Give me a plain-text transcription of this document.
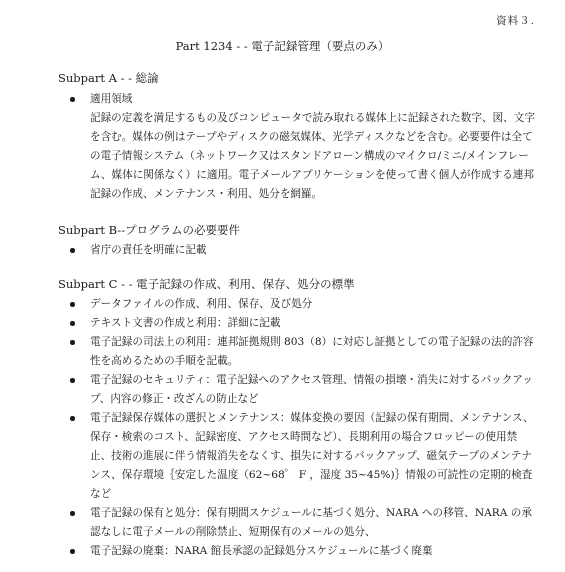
資料３.
Part 1234 - - 電子記録管理（要点のみ）
Subpart A - - 総論
適用領域

記録の定義を満足するもの及びコンピュータで読み取れる媒体上に記録された数字、図、文字を含む。媒体の例はテープやディスクの磁気媒体、光学ディスクなどを含む。必要要件は全ての電子情報システム（ネットワーク又はスタンドアローン構成のマイクロ/ミニ/メインフレーム、媒体に関係なく）に適用。電子メールアプリケーションを使って書く個人が作成する連邦記録の作成、メンテナンス・利用、処分を網羅。

Subpart B--プログラムの必要要件
省庁の責任を明確に記載
Subpart C - - 電子記録の作成、利用、保存、処分の標準
データファイルの作成、利用、保存、及び処分
テキスト文書の作成と利用：詳細に記載
電子記録の司法上の利用：連邦証拠規則 803（8）に対応し証拠としての電子記録の法的許容性を高めるための手順を記載。
電子記録のセキュリティ：電子記録へのアクセス管理、情報の損壊・消失に対するバックアップ、内容の修正・改ざんの防止など
電子記録保存媒体の選択とメンテナンス：媒体変換の要因（記録の保有期間、メンテナンス、保存・検索のコスト、記録密度、アクセス時間など）、長期利用の場合フロッピーの使用禁止、技術の進展に伴う情報消失をなくす、損失に対するバックアップ、磁気テープのメンテナンス、保存環境｛安定した温度（62~68゜ F ，湿度 35~45%)｝情報の可読性の定期的検査など
電子記録の保有と処分：保有期間スケジュールに基づく処分、NARA への移管、NARA の承認なしに電子メールの削除禁止、短期保有のメールの処分、
電子記録の廃棄：NARA 館長承認の記録処分スケジュールに基づく廃棄
